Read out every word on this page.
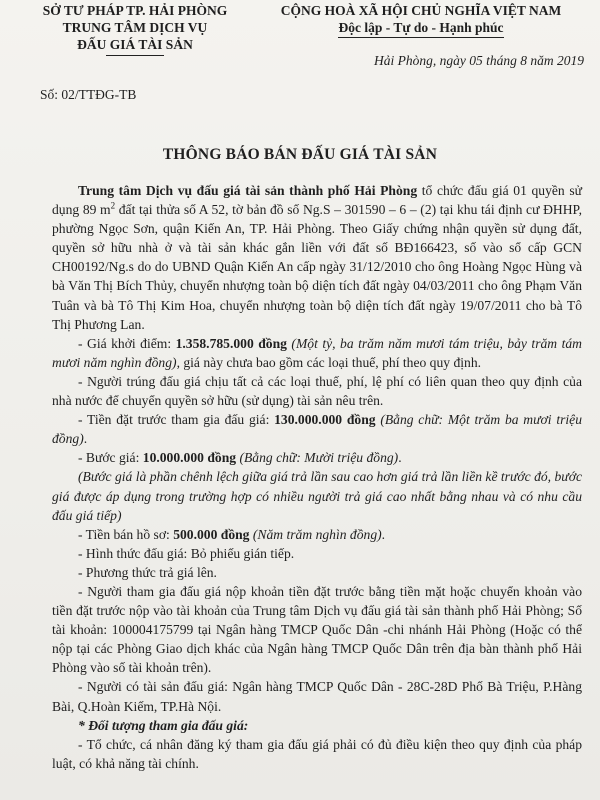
SỞ TƯ PHÁP TP. HẢI PHÒNG
TRUNG TÂM DỊCH VỤ
ĐẤU GIÁ TÀI SẢN
Số: 02/TTĐG-TB
CỘNG HOÀ XÃ HỘI CHỦ NGHĨA VIỆT NAM
Độc lập - Tự do - Hạnh phúc
Hải Phòng, ngày 05 tháng 8 năm 2019
THÔNG BÁO BÁN ĐẤU GIÁ TÀI SẢN

Trung tâm Dịch vụ đấu giá tài sản thành phố Hải Phòng tổ chức đấu giá 01 quyền sử dụng 89 $m^2$ đất tại thửa số A 52, tờ bản đồ số Ng.S – 301590 – 6 – (2) tại khu tái định cư ĐHHP, phường Ngọc Sơn, quận Kiến An, TP. Hải Phòng. Theo Giấy chứng nhận quyền sử dụng đất, quyền sở hữu nhà ở và tài sản khác gắn liền với đất số BĐ166423, số vào sổ cấp GCN CH00192/Ng.s do do UBND Quận Kiến An cấp ngày 31/12/2010 cho ông Hoàng Ngọc Hùng và bà Văn Thị Bích Thủy, chuyển nhượng toàn bộ diện tích đất ngày 04/03/2011 cho ông Phạm Văn Tuân và bà Tô Thị Kim Hoa, chuyển nhượng toàn bộ diện tích đất ngày 19/07/2011 cho bà Tô Thị Phương Lan.

- Giá khởi điểm: 1.358.785.000 đồng (Một tỷ, ba trăm năm mươi tám triệu, bảy trăm tám mươi năm nghìn đồng), giá này chưa bao gồm các loại thuế, phí theo quy định.

- Người trúng đấu giá chịu tất cả các loại thuế, phí, lệ phí có liên quan theo quy định của nhà nước để chuyển quyền sở hữu (sử dụng) tài sản nêu trên.

- Tiền đặt trước tham gia đấu giá: 130.000.000 đồng (Bằng chữ: Một trăm ba mươi triệu đồng).

- Bước giá: 10.000.000 đồng (Bằng chữ: Mười triệu đồng).

(Bước giá là phần chênh lệch giữa giá trả lần sau cao hơn giá trả lần liền kề trước đó, bước giá được áp dụng trong trường hợp có nhiều người trả giá cao nhất bằng nhau và có nhu cầu đấu giá tiếp)

- Tiền bán hồ sơ: 500.000 đồng (Năm trăm nghìn đồng).

- Hình thức đấu giá: Bỏ phiếu gián tiếp.

- Phương thức trả giá lên.

- Người tham gia đấu giá nộp khoản tiền đặt trước bằng tiền mặt hoặc chuyển khoản vào tiền đặt trước nộp vào tài khoản của Trung tâm Dịch vụ đấu giá tài sản thành phố Hải Phòng; Số tài khoản: 100004175799 tại Ngân hàng TMCP Quốc Dân -chi nhánh Hải Phòng (Hoặc có thể nộp tại các Phòng Giao dịch khác của Ngân hàng TMCP Quốc Dân trên địa bàn thành phố Hải Phòng vào số tài khoản trên).

- Người có tài sản đấu giá: Ngân hàng TMCP Quốc Dân - 28C-28D Phố Bà Triệu, P.Hàng Bài, Q.Hoàn Kiếm, TP.Hà Nội.

* Đối tượng tham gia đấu giá:

- Tổ chức, cá nhân đăng ký tham gia đấu giá phải có đủ điều kiện theo quy định của pháp luật, có khả năng tài chính.
